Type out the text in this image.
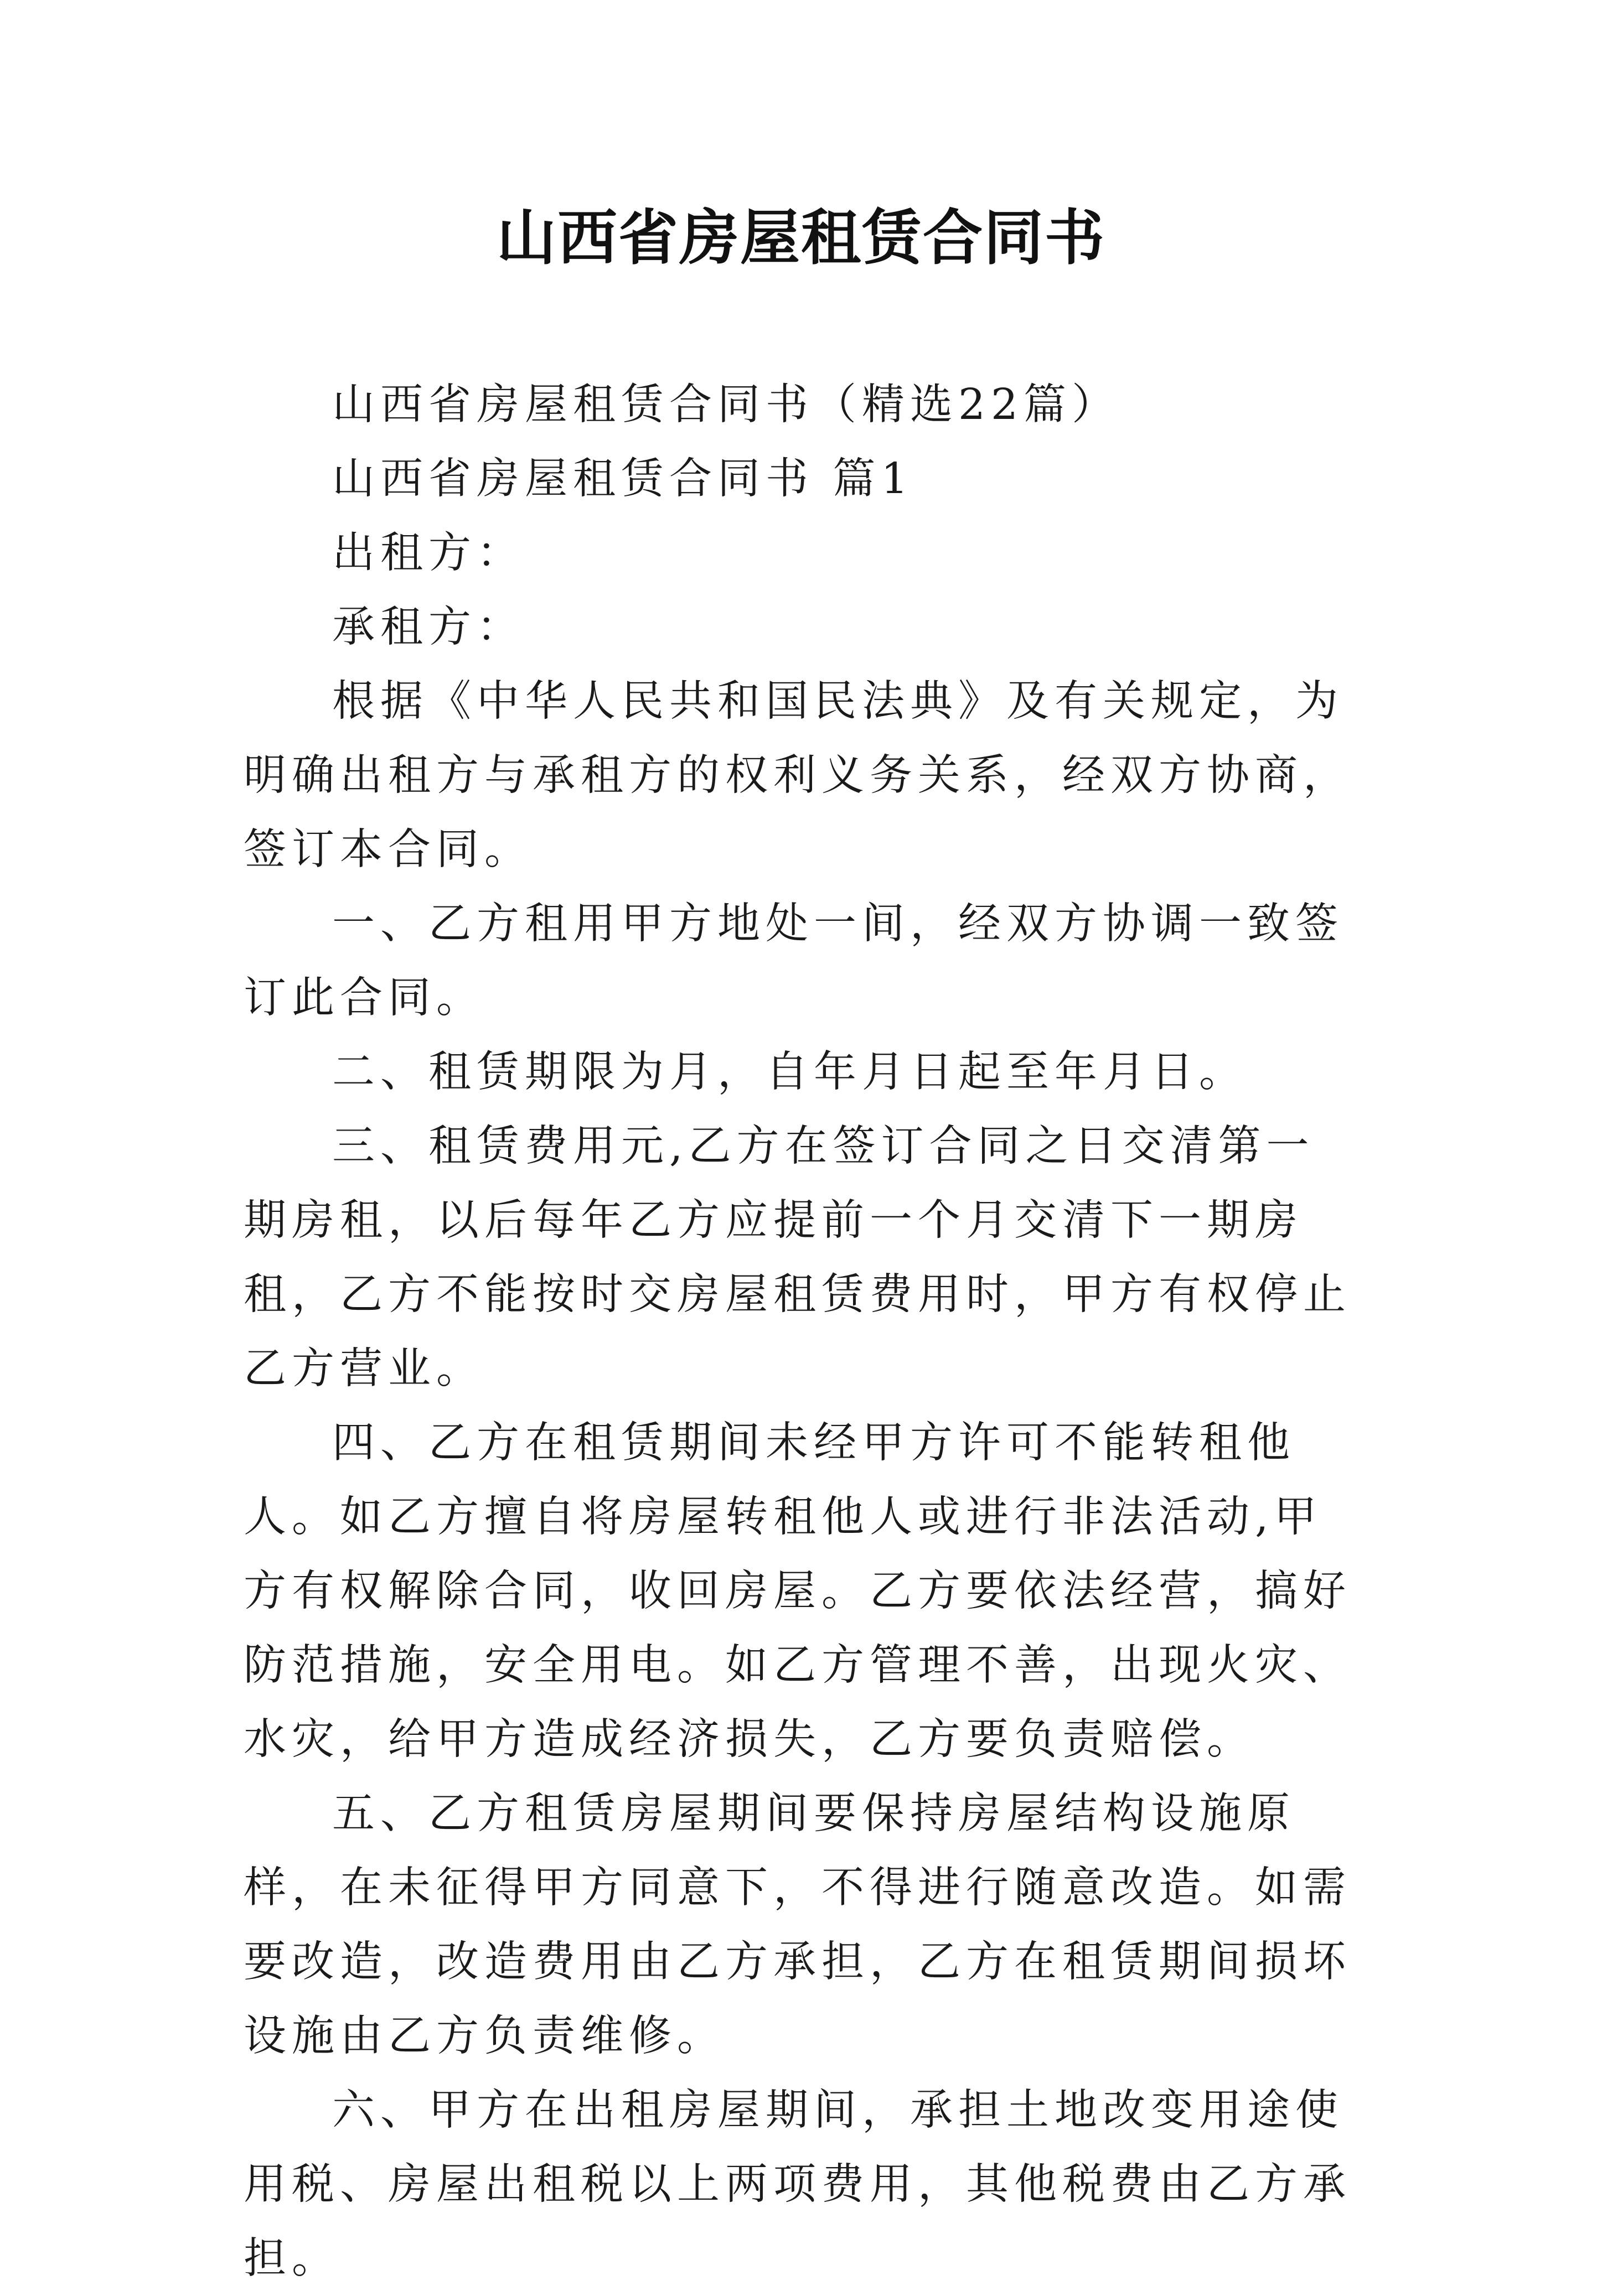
山西省房屋租赁合同书

山西省房屋租赁合同书（精选22篇）

山西省房屋租赁合同书 篇1

出租方：

承租方：

根据《中华人民共和国民法典》及有关规定，为明确出租方与承租方的权利义务关系，经双方协商，签订本合同。

一、乙方租用甲方地处一间，经双方协调一致签订此合同。

二、租赁期限为月，自年月日起至年月日。

三、租赁费用元,乙方在签订合同之日交清第一期房租，以后每年乙方应提前一个月交清下一期房租，乙方不能按时交房屋租赁费用时，甲方有权停止乙方营业。

四、乙方在租赁期间未经甲方许可不能转租他人。如乙方擅自将房屋转租他人或进行非法活动,甲方有权解除合同，收回房屋。乙方要依法经营，搞好防范措施，安全用电。如乙方管理不善，出现火灾、水灾，给甲方造成经济损失，乙方要负责赔偿。

五、乙方租赁房屋期间要保持房屋结构设施原样，在未征得甲方同意下，不得进行随意改造。如需要改造，改造费用由乙方承担，乙方在租赁期间损坏设施由乙方负责维修。

六、甲方在出租房屋期间，承担土地改变用途使用税、房屋出租税以上两项费用，其他税费由乙方承担。
